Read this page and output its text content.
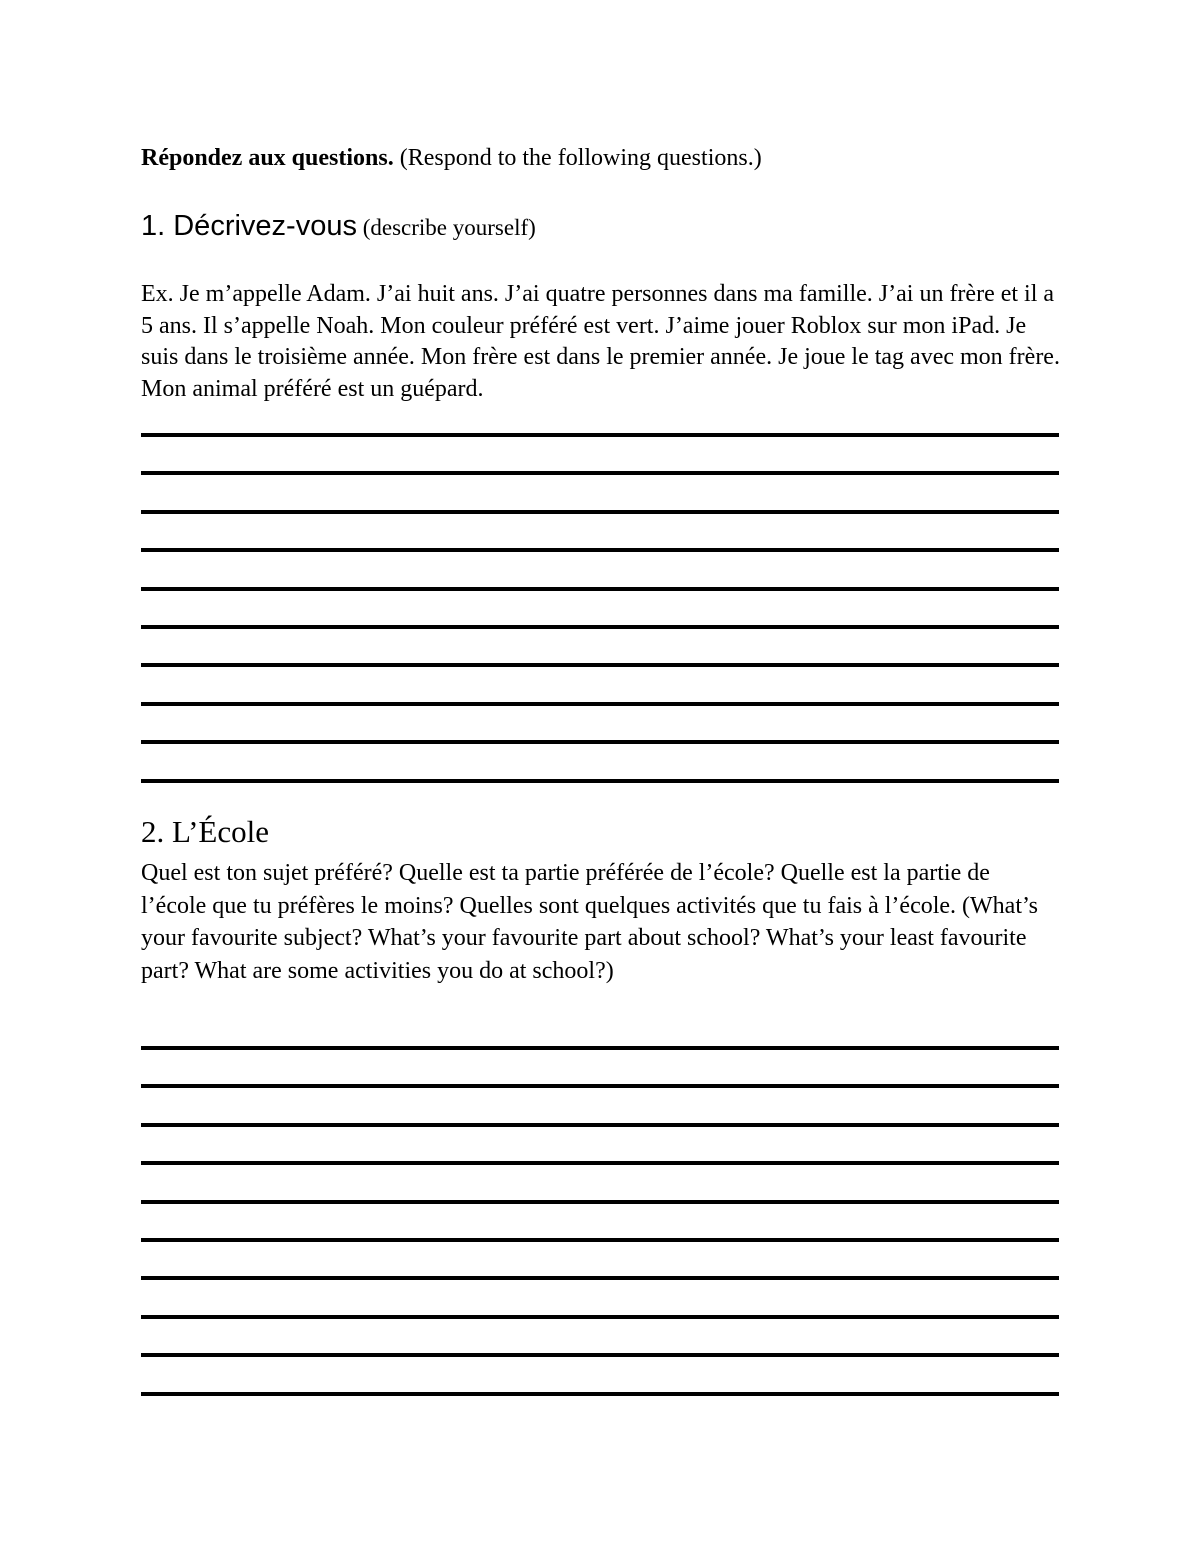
Répondez aux questions. (Respond to the following questions.)
1. Décrivez-vous (describe yourself)
Ex. Je m’appelle Adam. J’ai huit ans. J’ai quatre personnes dans ma famille. J’ai un frère et il a 5 ans. Il s’appelle Noah. Mon couleur préféré est vert. J’aime jouer Roblox sur mon iPad. Je suis dans le troisième année. Mon frère est dans le premier année. Je joue le tag avec mon frère. Mon animal préféré est un guépard.
2. L’École
Quel est ton sujet préféré? Quelle est ta partie préférée de l’école? Quelle est la partie de l’école que tu préfères le moins? Quelles sont quelques activités que tu fais à l’école. (What’s your favourite subject? What’s your favourite part about school? What’s your least favourite part? What are some activities you do at school?)
